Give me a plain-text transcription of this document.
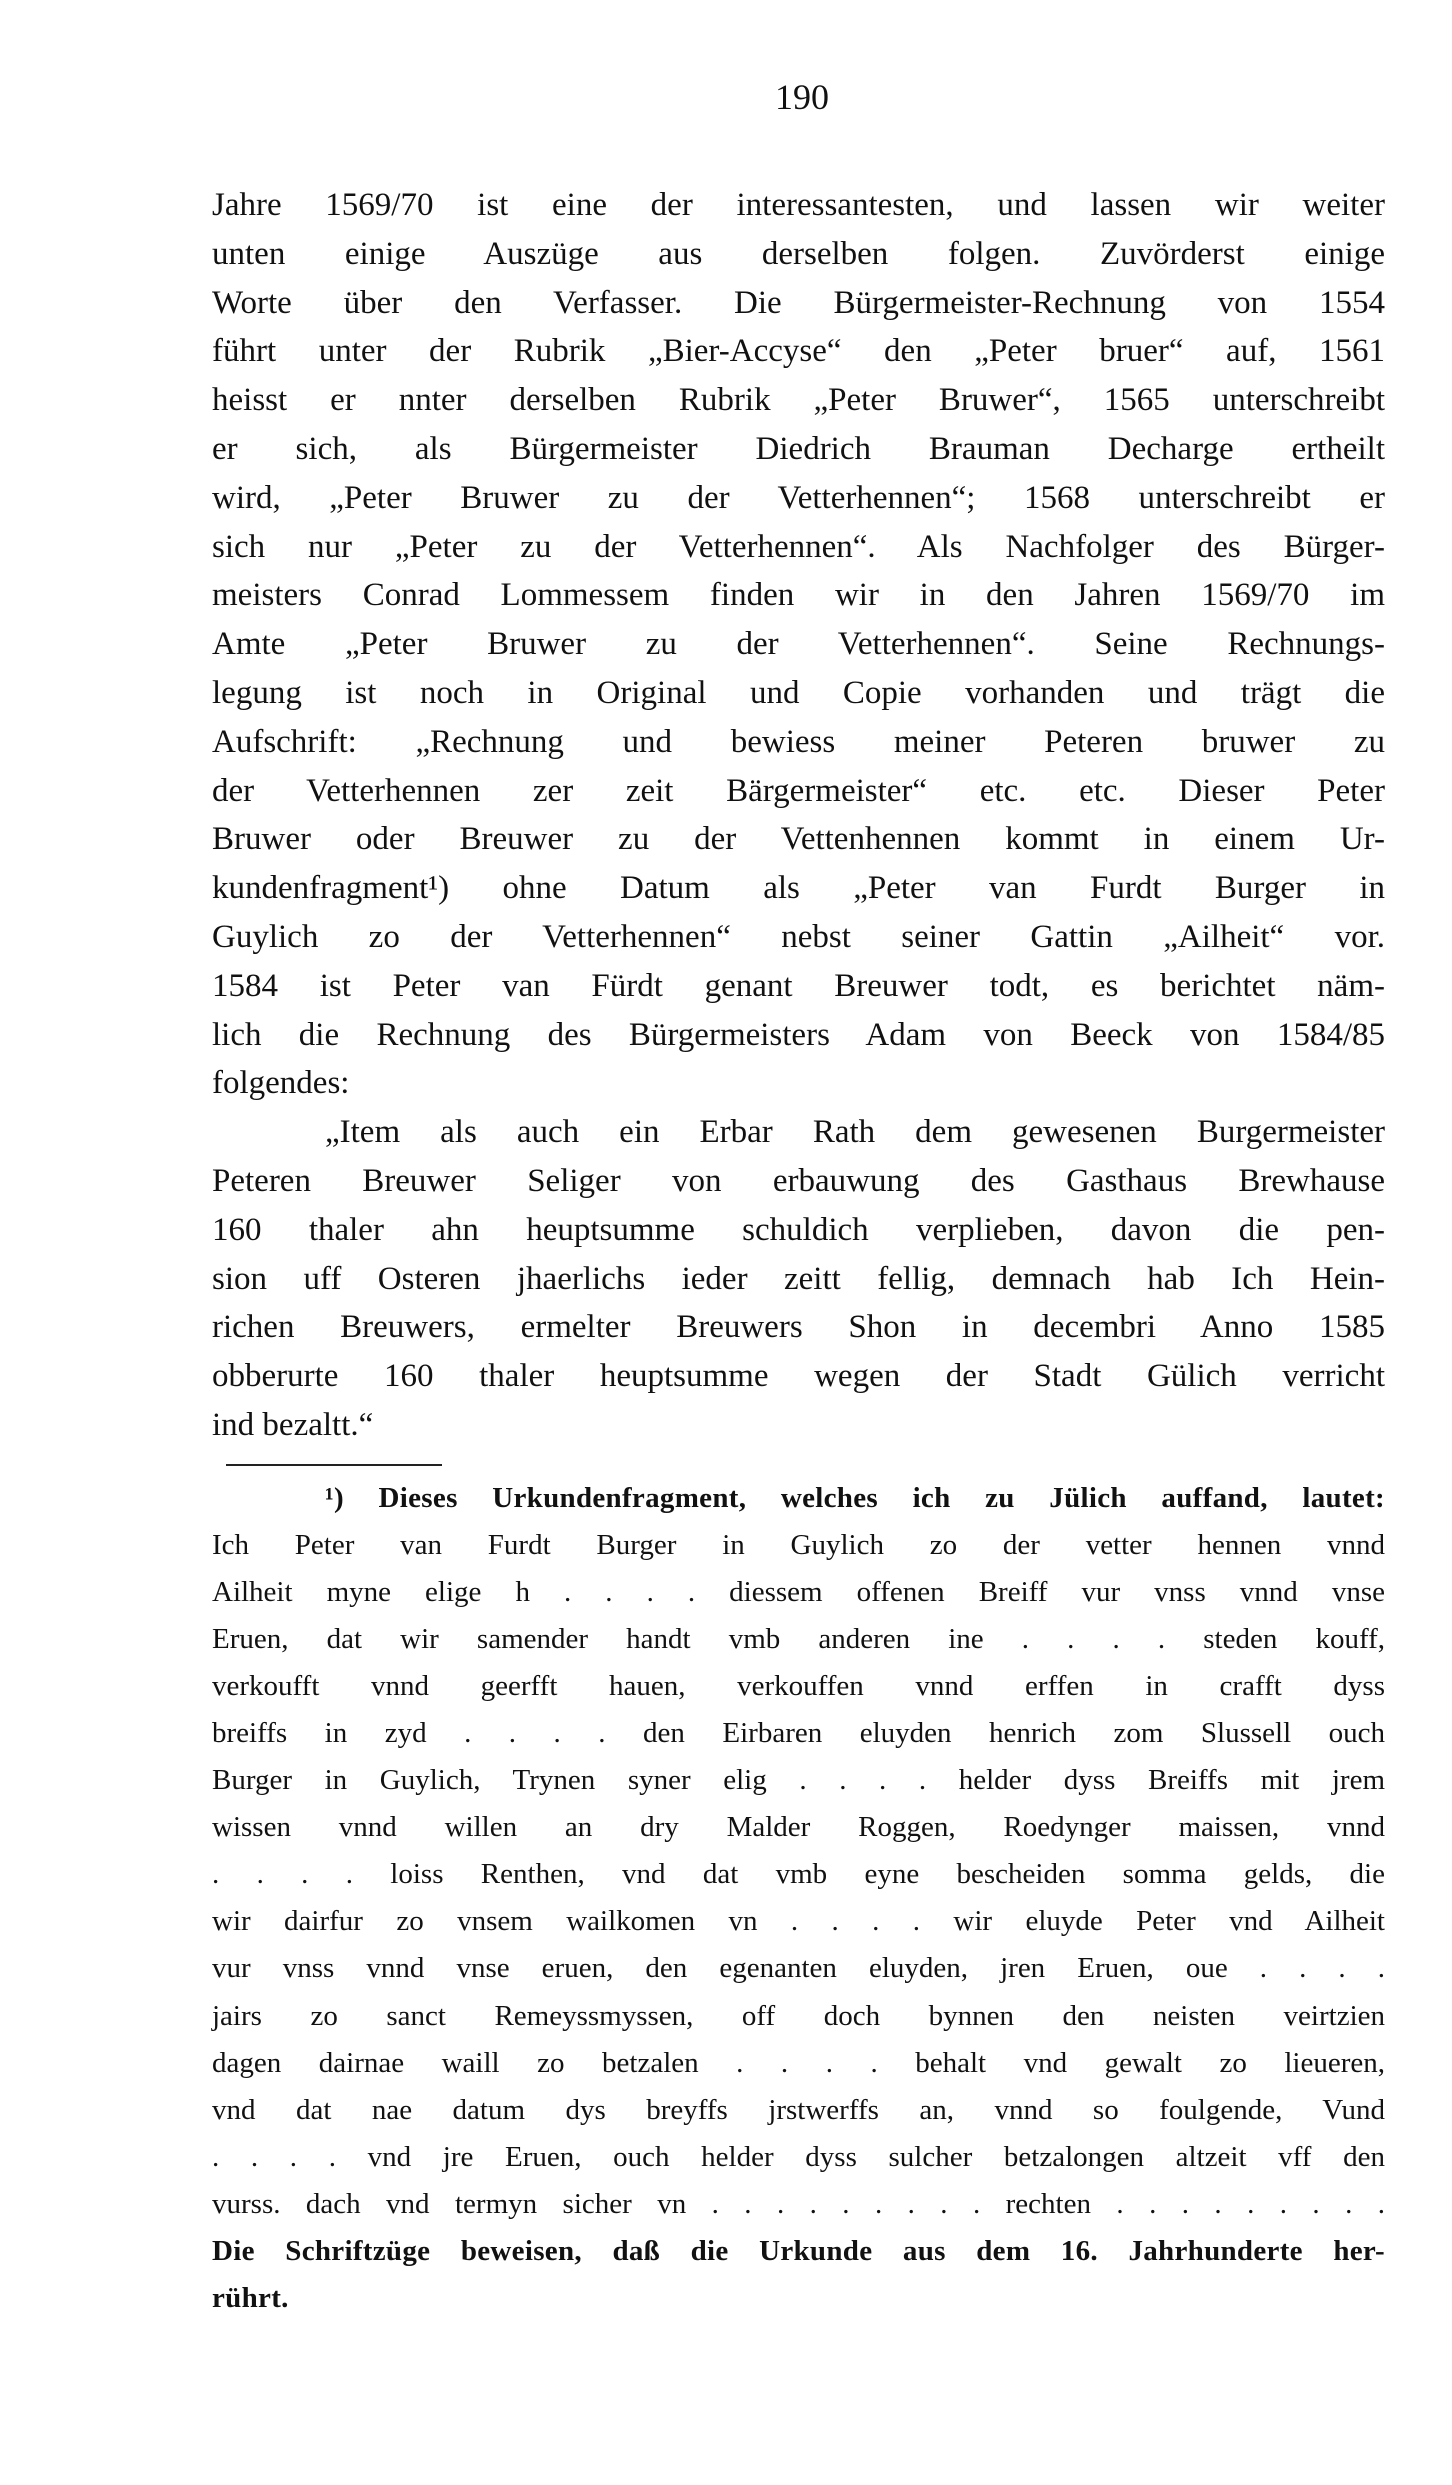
190
Jahre 1569/70 ist eine der interessantesten, und lassen wir weiter
unten einige Auszüge aus derselben folgen. Zuvörderst einige
Worte über den Verfasser. Die Bürgermeister-Rechnung von 1554
führt unter der Rubrik „Bier-Accyse“ den „Peter bruer“ auf, 1561
heisst er nnter derselben Rubrik „Peter Bruwer“, 1565 unterschreibt
er sich, als Bürgermeister Diedrich Brauman Decharge ertheilt
wird, „Peter Bruwer zu der Vetterhennen“; 1568 unterschreibt er
sich nur „Peter zu der Vetterhennen“. Als Nachfolger des Bürger-
meisters Conrad Lommessem finden wir in den Jahren 1569/70 im
Amte „Peter Bruwer zu der Vetterhennen“. Seine Rechnungs-
legung ist noch in Original und Copie vorhanden und trägt die
Aufschrift: „Rechnung und bewiess meiner Peteren bruwer zu
der Vetterhennen zer zeit Bärgermeister“ etc. etc. Dieser Peter
Bruwer oder Breuwer zu der Vettenhennen kommt in einem Ur-
kundenfragment¹) ohne Datum als „Peter van Furdt Burger in
Guylich zo der Vetterhennen“ nebst seiner Gattin „Ailheit“ vor.
1584 ist Peter van Fürdt genant Breuwer todt, es berichtet näm-
lich die Rechnung des Bürgermeisters Adam von Beeck von 1584/85
folgendes:
„Item als auch ein Erbar Rath dem gewesenen Burgermeister
Peteren Breuwer Seliger von erbauwung des Gasthaus Brewhause
160 thaler ahn heuptsumme schuldich verplieben, davon die pen-
sion uff Osteren jhaerlichs ieder zeitt fellig, demnach hab Ich Hein-
richen Breuwers, ermelter Breuwers Shon in decembri Anno 1585
obberurte 160 thaler heuptsumme wegen der Stadt Gülich verricht
ind bezaltt.“
¹) Dieses Urkundenfragment, welches ich zu Jülich auffand, lautet:
Ich Peter van Furdt Burger in Guylich zo der vetter hennen vnnd
Ailheit myne elige h . . . . diessem offenen Breiff vur vnss vnnd vnse
Eruen, dat wir samender handt vmb anderen ine . . . . steden kouff,
verkoufft vnnd geerfft hauen, verkouffen vnnd erffen in crafft dyss
breiffs in zyd . . . . den Eirbaren eluyden henrich zom Slussell ouch
Burger in Guylich, Trynen syner elig . . . . helder dyss Breiffs mit jrem
wissen vnnd willen an dry Malder Roggen, Roedynger maissen, vnnd
. . . . loiss Renthen, vnd dat vmb eyne bescheiden somma gelds, die
wir dairfur zo vnsem wailkomen vn . . . . wir eluyde Peter vnd Ailheit
vur vnss vnnd vnse eruen, den egenanten eluyden, jren Eruen, oue . . . .
jairs zo sanct Remeyssmyssen, off doch bynnen den neisten veirtzien
dagen dairnae waill zo betzalen . . . . behalt vnd gewalt zo lieueren,
vnd dat nae datum dys breyffs jrstwerffs an, vnnd so foulgende, Vund
. . . . vnd jre Eruen, ouch helder dyss sulcher betzalongen altzeit vff den
vurss. dach vnd termyn sicher vn . . . . . . . . . rechten . . . . . . . . .
Die Schriftzüge beweisen, daß die Urkunde aus dem 16. Jahrhunderte her-
rührt.
